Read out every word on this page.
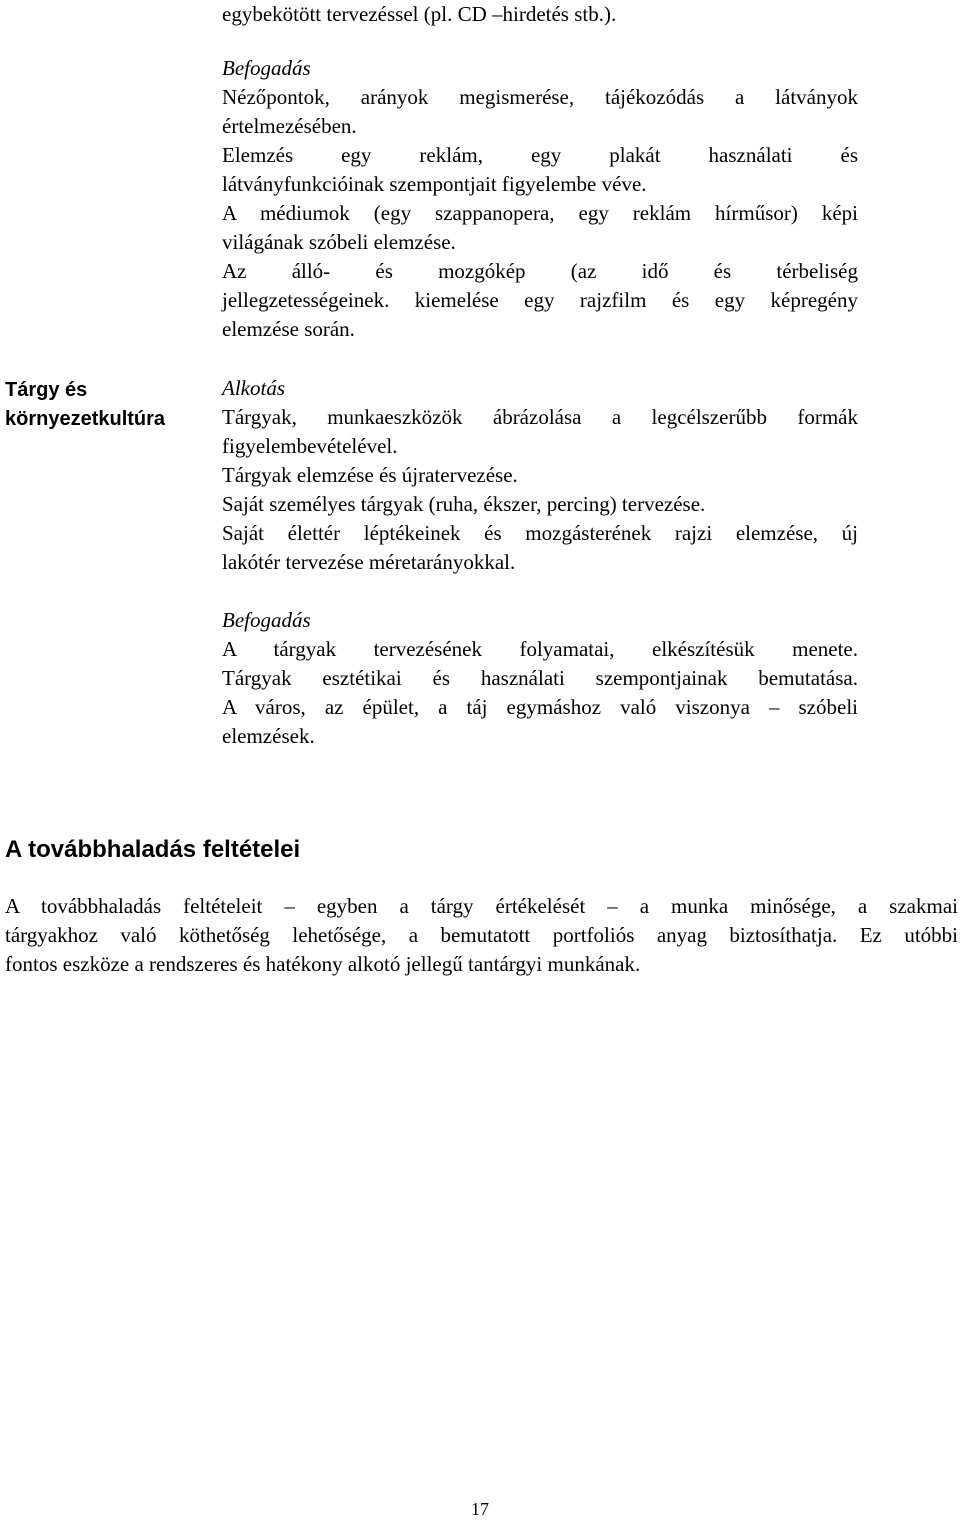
egybekötött tervezéssel (pl. CD –hirdetés stb.).
Befogadás
Nézőpontok, arányok megismerése, tájékozódás a látványok
értelmezésében.
Elemzés egy reklám, egy plakát használati és
látványfunkcióinak szempontjait figyelembe véve.
A médiumok (egy szappanopera, egy reklám hírműsor) képi
világának szóbeli elemzése.
Az álló- és mozgókép (az idő és térbeliség
jellegzetességeinek. kiemelése egy rajzfilm és egy képregény
elemzése során.
Tárgy és
környezetkultúra
Alkotás
Tárgyak, munkaeszközök ábrázolása a legcélszerűbb formák
figyelembevételével.
Tárgyak elemzése és újratervezése.
Saját személyes tárgyak (ruha, ékszer, percing) tervezése.
Saját élettér léptékeinek és mozgásterének rajzi elemzése, új
lakótér tervezése méretarányokkal.
Befogadás
A tárgyak tervezésének folyamatai, elkészítésük menete.
Tárgyak esztétikai és használati szempontjainak bemutatása.
A város, az épület, a táj egymáshoz való viszonya – szóbeli
elemzések.
A továbbhaladás feltételei
A továbbhaladás feltételeit – egyben a tárgy értékelését – a munka minősége, a szakmai
tárgyakhoz való köthetőség lehetősége, a bemutatott portfoliós anyag biztosíthatja. Ez utóbbi
fontos eszköze a rendszeres és hatékony alkotó jellegű tantárgyi munkának.
17
